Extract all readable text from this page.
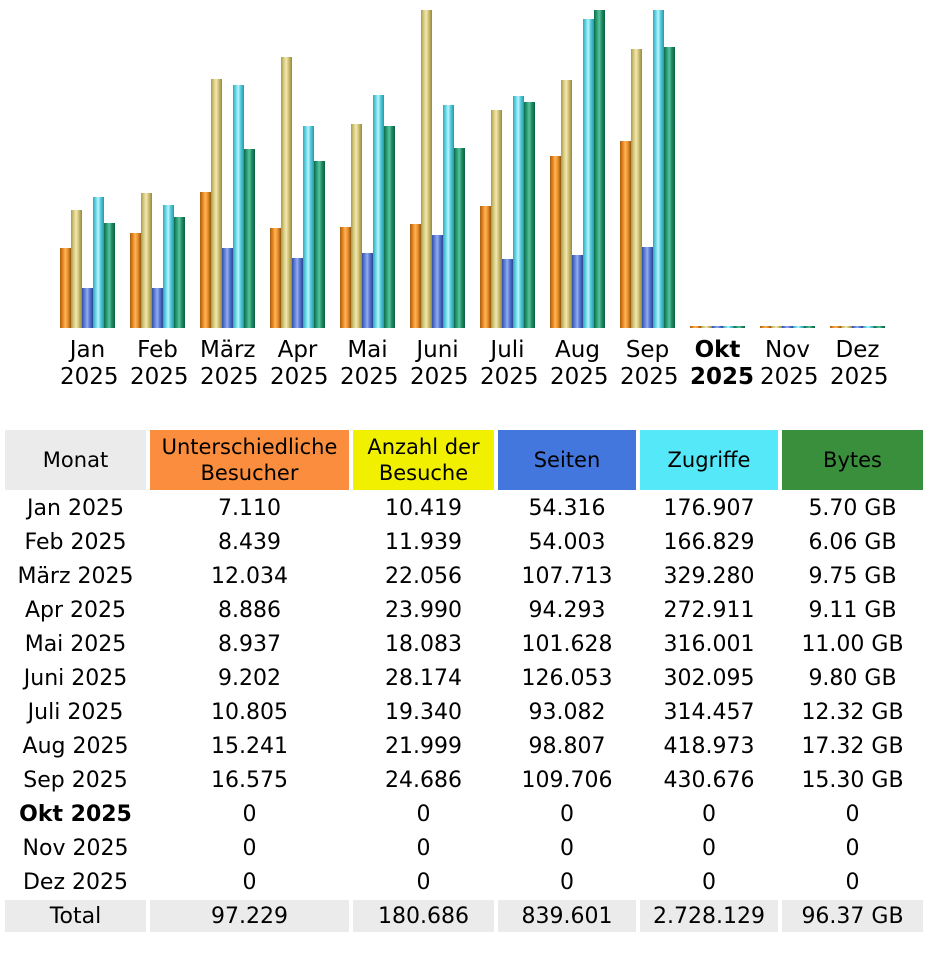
Jan
2025
Feb
2025
März
2025
Apr
2025
Mai
2025
Juni
2025
Juli
2025
Aug
2025
Sep
2025
Okt
2025
Nov
2025
Dez
2025
Monat	Unterschiedliche Besucher	Anzahl der Besuche	Seiten	Zugriffe	Bytes
Jan 2025	7.110	10.419	54.316	176.907	5.70 GB
Feb 2025	8.439	11.939	54.003	166.829	6.06 GB
März 2025	12.034	22.056	107.713	329.280	9.75 GB
Apr 2025	8.886	23.990	94.293	272.911	9.11 GB
Mai 2025	8.937	18.083	101.628	316.001	11.00 GB
Juni 2025	9.202	28.174	126.053	302.095	9.80 GB
Juli 2025	10.805	19.340	93.082	314.457	12.32 GB
Aug 2025	15.241	21.999	98.807	418.973	17.32 GB
Sep 2025	16.575	24.686	109.706	430.676	15.30 GB
Okt 2025	0	0	0	0	0
Nov 2025	0	0	0	0	0
Dez 2025	0	0	0	0	0
Total	97.229	180.686	839.601	2.728.129	96.37 GB
